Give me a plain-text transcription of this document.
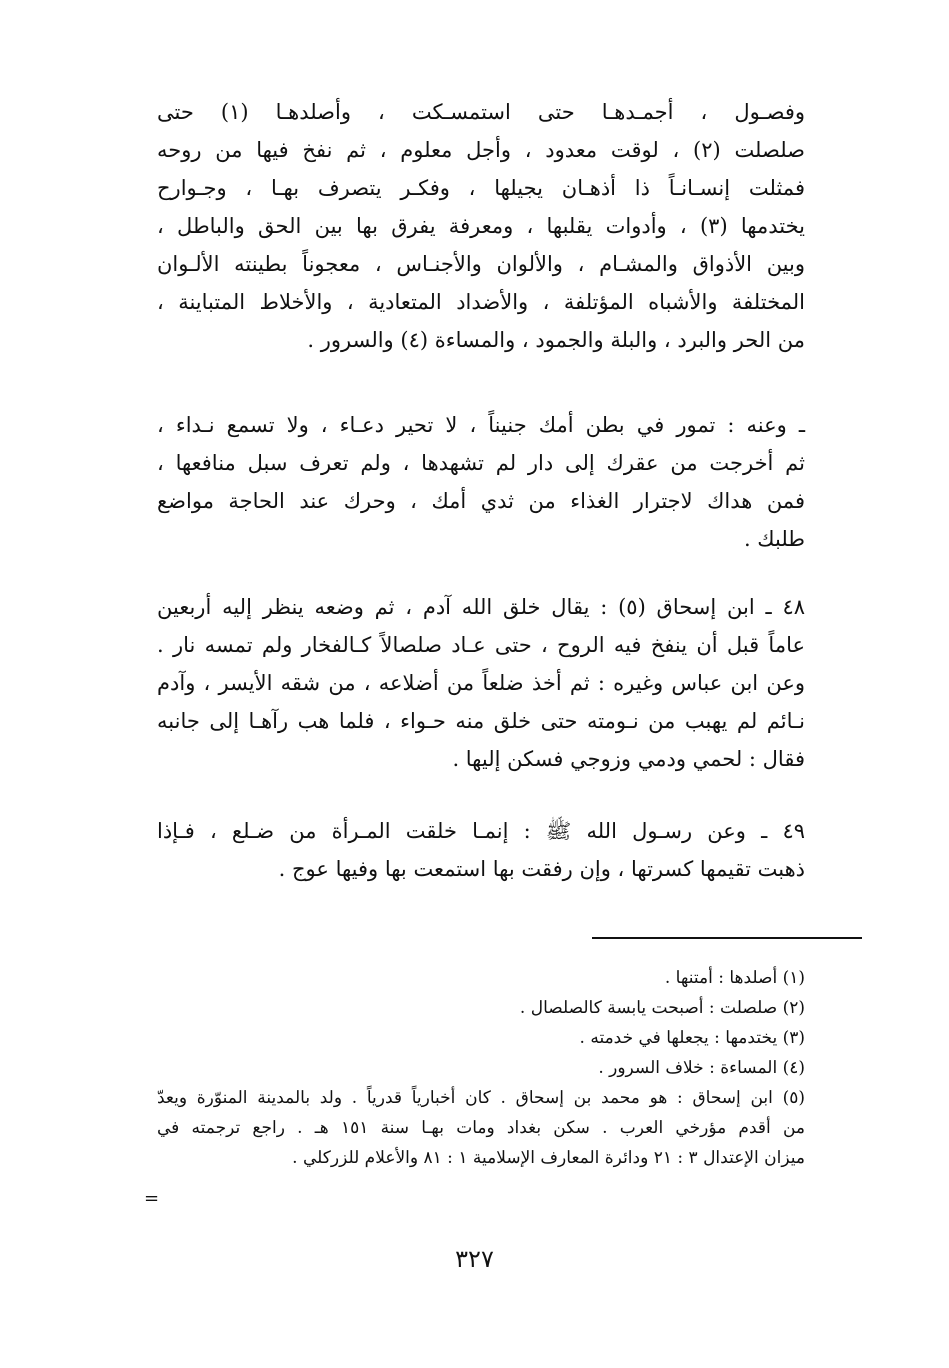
وفصـول ، أجمـدهـا حتى استمسـكت ، وأصلدهـا (١) حتى
صلصلت (٢) ، لوقت معدود ، وأجل معلوم ، ثم نفخ فيها من روحه
فمثلت إنسـانـاً ذا أذهـان يجيلها ، وفكـر يتصرف بهـا ، وجـوارح
يختدمها (٣) ، وأدوات يقلبها ، ومعرفة يفرق بها بين الحق والباطل ،
وبين الأذواق والمشـام ، والألوان والأجنـاس ، معجوناً بطينته الألـوان
المختلفة والأشباه المؤتلفة ، والأضداد المتعادية ، والأخلاط المتباينة ،
من الحر والبرد ، والبلة والجمود ، والمساءة (٤) والسرور .
ـ وعنه : تمور في بطن أمك جنيناً ، لا تحير دعـاء ، ولا تسمع نـداء ،
ثم أخرجت من عقرك إلى دار لم تشهدها ، ولم تعرف سبل منافعها ،
فمن هداك لاجترار الغذاء من ثدي أمك ، وحرك عند الحاجة مواضع
طلبك .
٤٨ ـ ابن إسحاق (٥) : يقال خلق الله آدم ، ثم وضعه ينظر إليه أربعين
عاماً قبل أن ينفخ فيه الروح ، حتى عـاد صلصالاً كـالفخار ولم تمسه نار .
وعن ابن عباس وغيره : ثم أخذ ضلعاً من أضلاعه ، من شقه الأيسر ، وآدم
نـائم لم يهبب من نـومته حتى خلق منه حـواء ، فلما هب رآهـا إلى جانبه
فقال : لحمي ودمي وزوجي فسكن إليها .
٤٩ ـ وعن رسـول الله ﷺ : إنمـا خلقت المـرأة من ضـلع ، فـإذا
ذهبت تقيمها كسرتها ، وإن رفقت بها استمعت بها وفيها عوج .
(١) أصلدها : أمتنها .
(٢) صلصلت : أصبحت يابسة كالصلصال .
(٣) يختدمها : يجعلها في خدمته .
(٤) المساءة : خلاف السرور .
(٥) ابن إسحاق : هو محمد بن إسحاق . كان أخبارياً قدرياً . ولد بالمدينة المنوّرة ويعدّ
من أقدم مؤرخي العرب . سكن بغداد ومات بهـا سنة ١٥١ هـ . راجع ترجمته في
ميزان الإعتدال ٣ : ٢١ ودائرة المعارف الإسلامية ١ : ٨١ والأعلام للزركلي .
=
٣٢٧
